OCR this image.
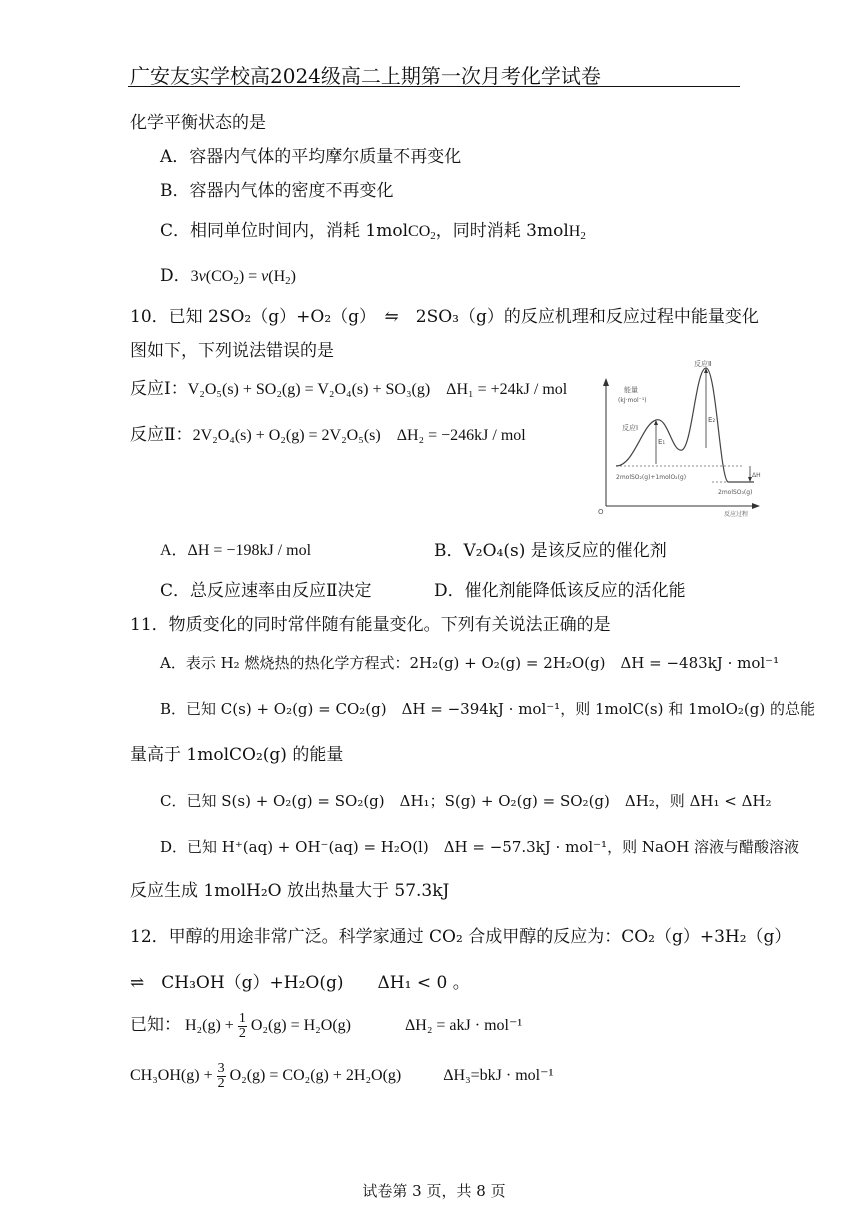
广安友实学校高2024级高二上期第一次月考化学试卷
化学平衡状态的是
A．容器内气体的平均摩尔质量不再变化
B．容器内气体的密度不再变化
C．相同单位时间内，消耗 1molCO$_2$，同时消耗 3molH$_2$
D．$3v(CO_2) = v(H_2)$
10．已知 2SO₂（g）+O₂（g）　⇋　2SO₃（g）的反应机理和反应过程中能量变化
图如下，下列说法错误的是
反应Ⅰ：V₂O₅(s) + SO₂(g) = V₂O₄(s) + SO₃(g)　ΔH₁ = +24kJ / mol
反应Ⅱ：2V₂O₄(s) + O₂(g) = 2V₂O₅(s)　ΔH₂ = −246kJ / mol
能量
(kJ·mol⁻¹)
反应Ⅰ
反应Ⅱ
E₁
E₂
ΔH
2molSO₂(g)+1molO₂(g)
2molSO₃(g)
O	反应过程
A．ΔH = −198kJ / mol	B．V₂O₄(s) 是该反应的催化剂
C．总反应速率由反应Ⅱ决定	D．催化剂能降低该反应的活化能
11．物质变化的同时常伴随有能量变化。下列有关说法正确的是
A．表示 H₂ 燃烧热的热化学方程式：2H₂(g) + O₂(g) = 2H₂O(g)　ΔH = −483kJ · mol⁻¹
B．已知 C(s) + O₂(g) = CO₂(g)　ΔH = −394kJ · mol⁻¹，则 1molC(s) 和 1molO₂(g) 的总能
量高于 1molCO₂(g) 的能量
C．已知 S(s) + O₂(g) = SO₂(g)　ΔH₁；S(g) + O₂(g) = SO₂(g)　ΔH₂，则 ΔH₁ < ΔH₂
D．已知 H⁺(aq) + OH⁻(aq) = H₂O(l)　ΔH = −57.3kJ · mol⁻¹，则 NaOH 溶液与醋酸溶液
反应生成 1molH₂O 放出热量大于 57.3kJ
12．甲醇的用途非常广泛。科学家通过 CO₂ 合成甲醇的反应为：CO₂（g）+3H₂（g）
⇌　CH₃OH（g）+H₂O(g)　　ΔH₁ < 0 。
已知： $H_2(g) + \frac{1}{2} O_2(g) = H_2O(g)$	ΔH₂ = akJ · mol⁻¹
$CH_3OH(g) + \frac{3}{2} O_2(g) = CO_2(g) + 2H_2O(g)$	ΔH₃=bkJ · mol⁻¹
试卷第 3 页，共 8 页
